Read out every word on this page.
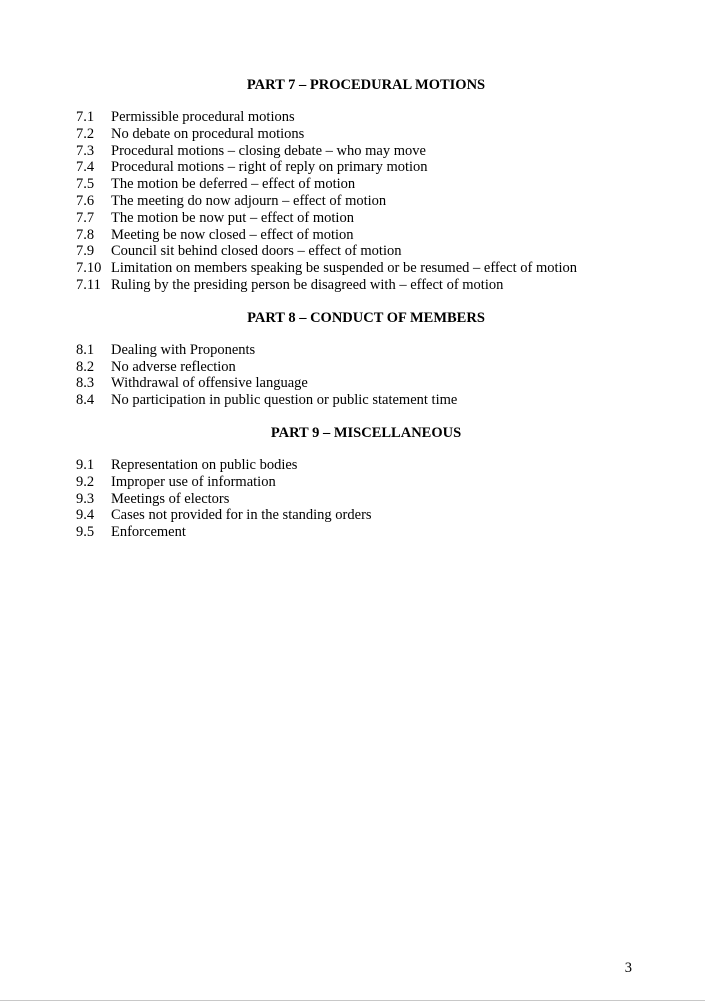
PART 7 – PROCEDURAL MOTIONS
7.1	Permissible procedural motions
7.2	No debate on procedural motions
7.3	Procedural motions – closing debate – who may move
7.4	Procedural motions – right of reply on primary motion
7.5	The motion be deferred – effect of motion
7.6	The meeting do now adjourn – effect of motion
7.7	The motion be now put – effect of motion
7.8	Meeting be now closed – effect of motion
7.9	Council sit behind closed doors – effect of motion
7.10 Limitation on members speaking be suspended or be resumed – effect of motion
7.11 Ruling by the presiding person be disagreed with – effect of motion
PART 8 – CONDUCT OF MEMBERS
8.1	Dealing with Proponents
8.2	No adverse reflection
8.3	Withdrawal of offensive language
8.4	No participation in public question or public statement time
PART 9 – MISCELLANEOUS
9.1	Representation on public bodies
9.2	Improper use of information
9.3	Meetings of electors
9.4	Cases not provided for in the standing orders
9.5	Enforcement
3
